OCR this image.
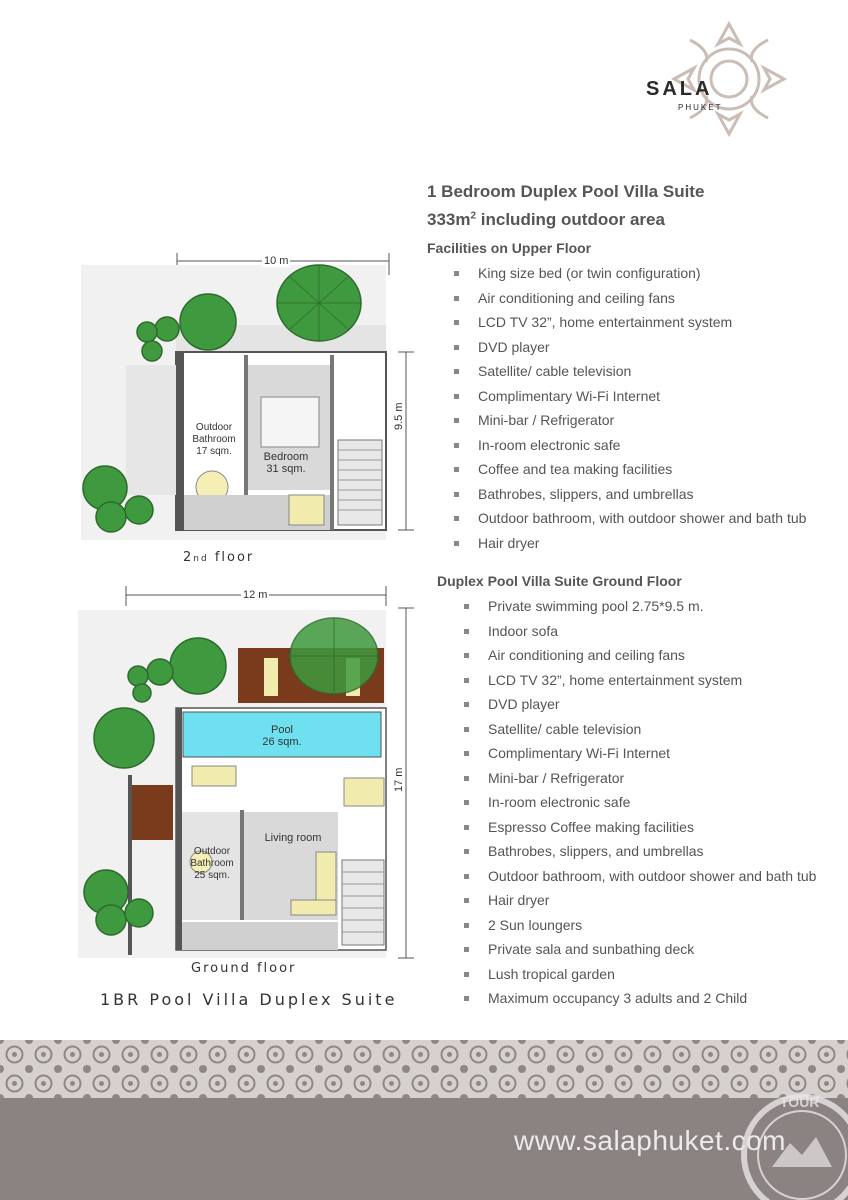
SALA
PHUKET
1 Bedroom Duplex Pool Villa Suite
$333m^2$ including outdoor area
Facilities on Upper Floor
King size bed (or twin configuration)
Air conditioning and ceiling fans
LCD TV 32”, home entertainment system
DVD player
Satellite/ cable television
Complimentary Wi-Fi Internet
Mini-bar / Refrigerator
In-room electronic safe
Coffee and tea making facilities
Bathrobes, slippers, and umbrellas
Outdoor bathroom, with outdoor shower and bath tub
Hair dryer
Duplex Pool Villa Suite Ground Floor
Private swimming pool 2.75*9.5 m.
Indoor sofa
Air conditioning and ceiling fans
LCD TV 32”, home entertainment system
DVD player
Satellite/ cable television
Complimentary Wi-Fi Internet
Mini-bar / Refrigerator
In-room electronic safe
Espresso Coffee making facilities
Bathrobes, slippers, and umbrellas
Outdoor bathroom, with outdoor shower and bath tub
Hair dryer
2 Sun loungers
Private sala and sunbathing deck
Lush tropical garden
Maximum occupancy 3 adults and 2 Child
10 m
9.5 m
Outdoor
Bathroom
17 sqm.	Bedroom
31 sqm.
2nd floor
12 m
17 m
Pool
26 sqm.
Outdoor
Bathroom
25 sqm.
Living room
Ground floor
1BR Pool Villa Duplex Suite
www.salaphuket.com
TOUR
